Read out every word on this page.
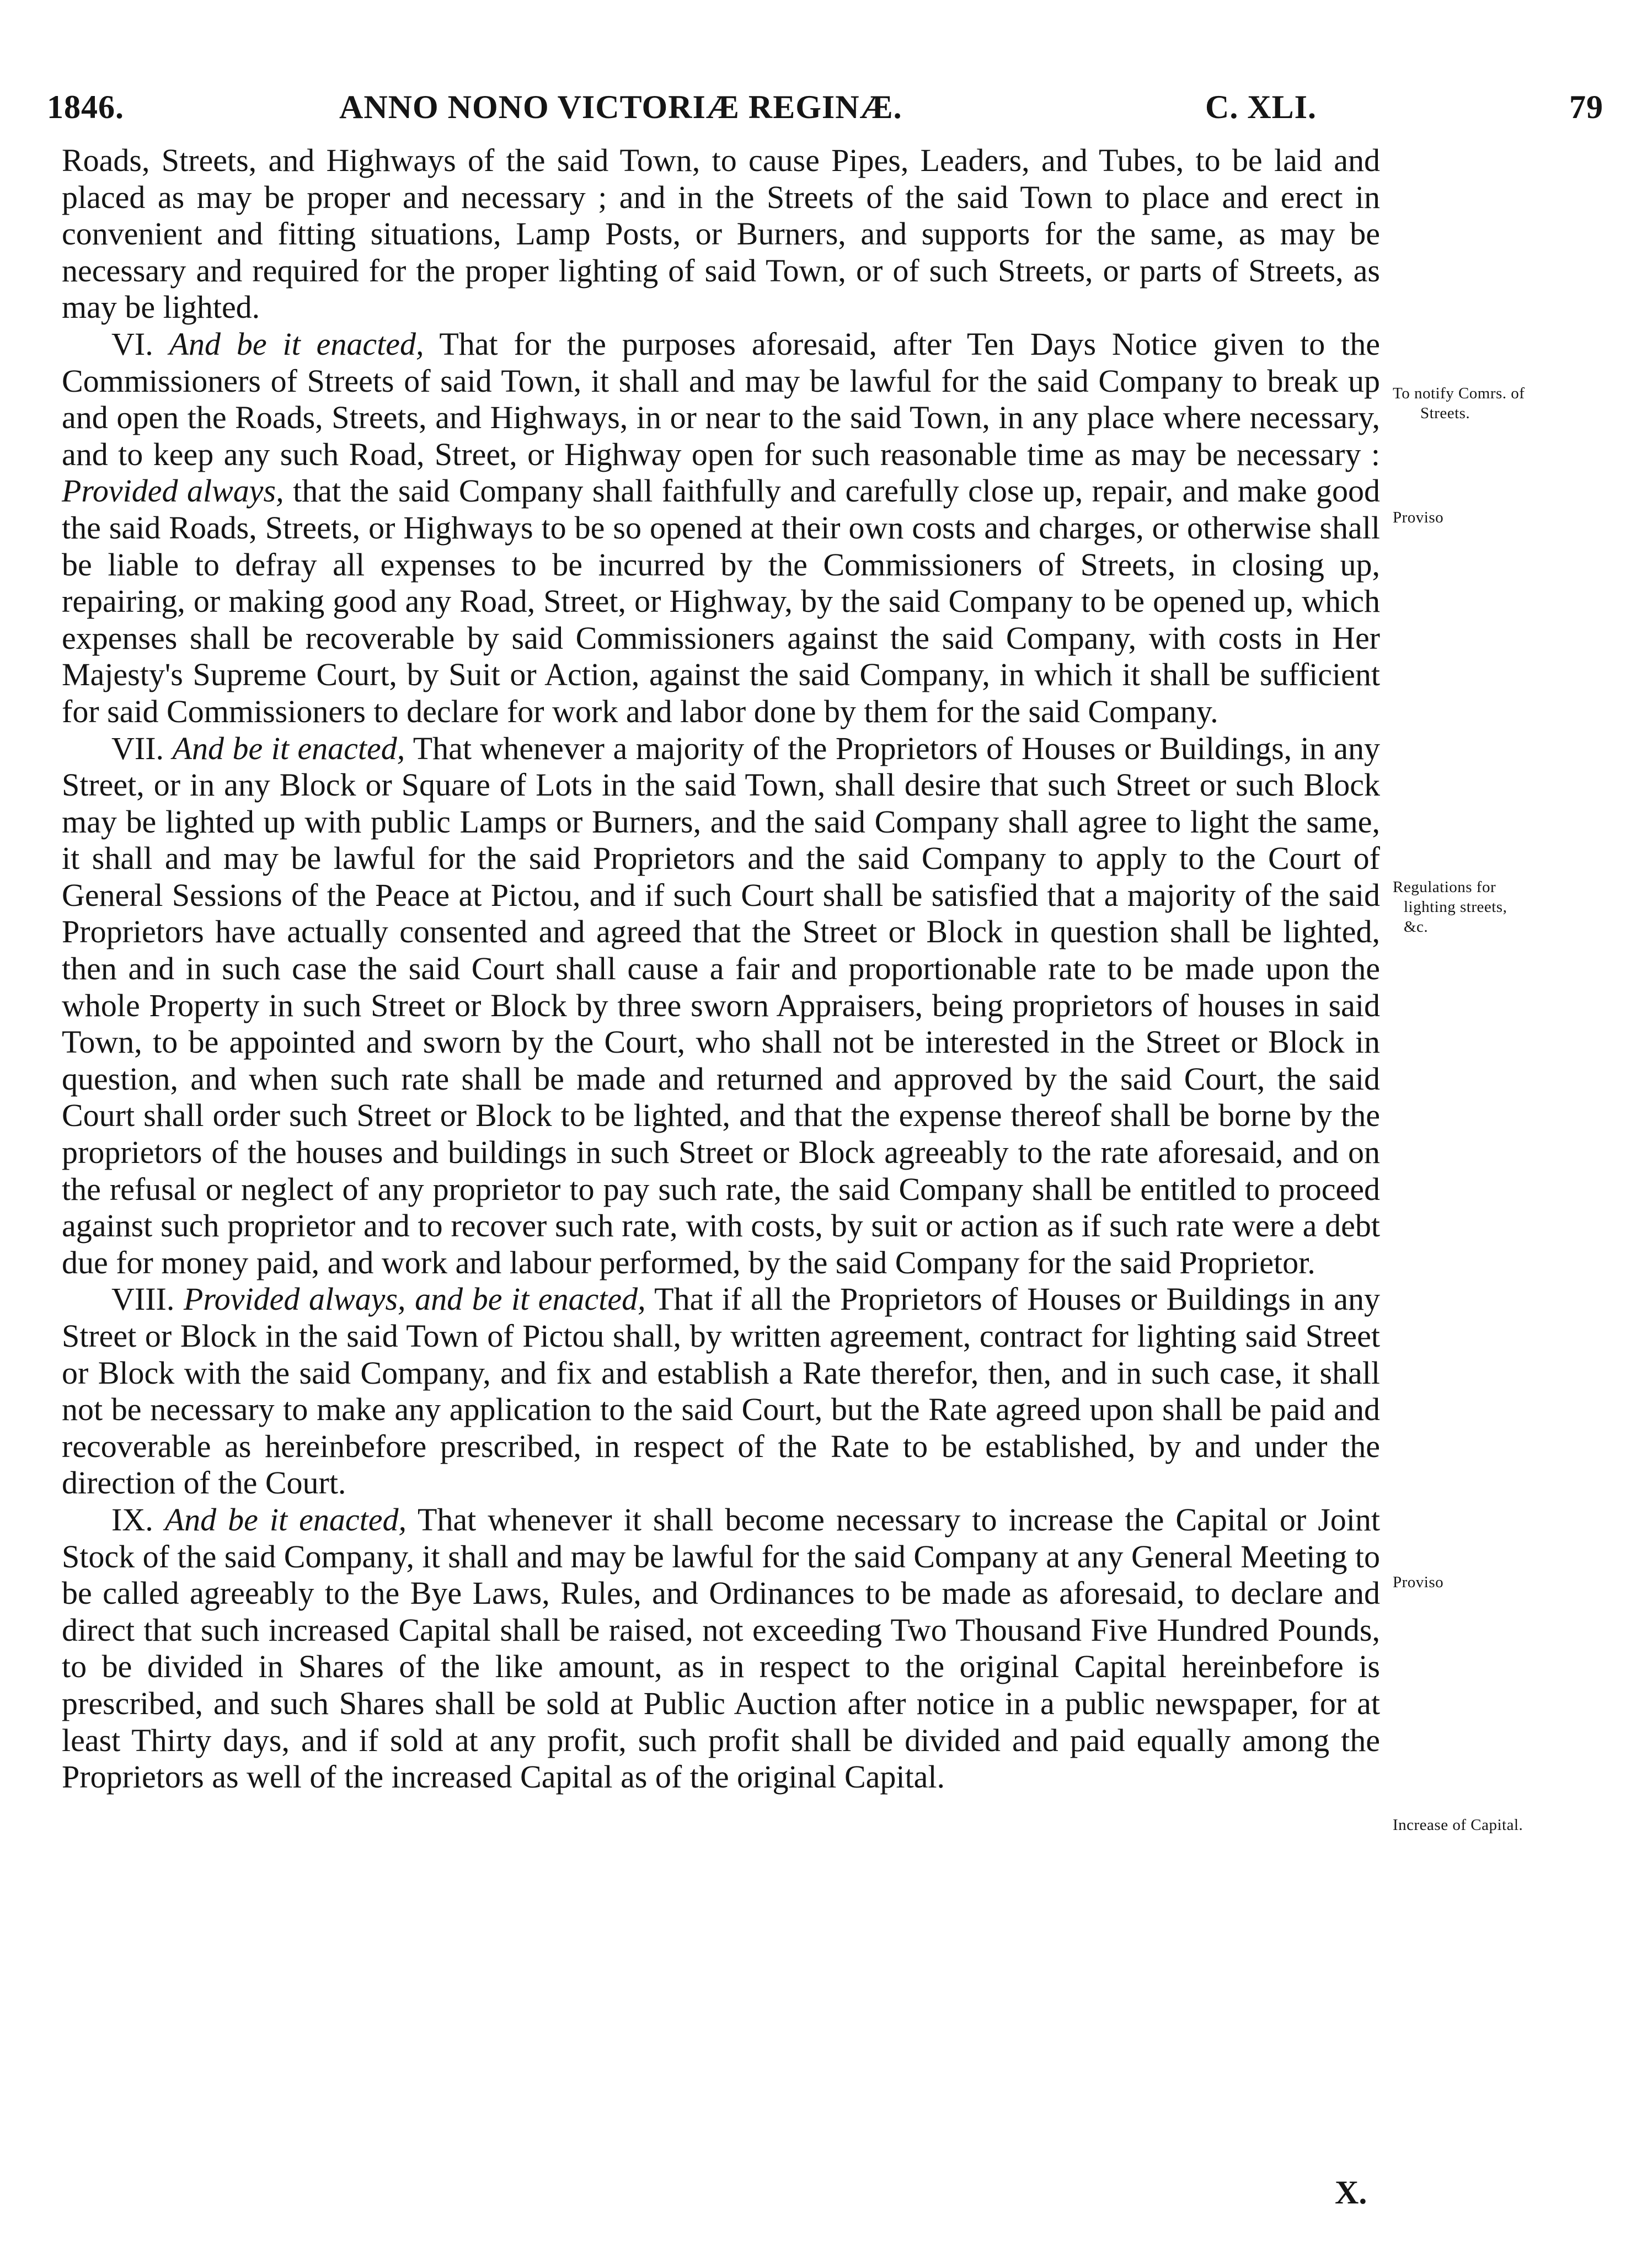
1846.	ANNO NONO VICTORIÆ REGINÆ.	C. XLI.	79

Roads, Streets, and Highways of the said Town, to cause Pipes, Leaders, and Tubes, to be laid and placed as may be proper and necessary ; and in the Streets of the said Town to place and erect in convenient and fitting situations, Lamp Posts, or Burners, and supports for the same, as may be necessary and required for the proper lighting of said Town, or of such Streets, or parts of Streets, as may be lighted.

VI. And be it enacted, That for the purposes aforesaid, after Ten Days Notice given to the Commissioners of Streets of said Town, it shall and may be lawful for the said Company to break up and open the Roads, Streets, and Highways, in or near to the said Town, in any place where necessary, and to keep any such Road, Street, or Highway open for such reasonable time as may be necessary : Provided always, that the said Company shall faithfully and carefully close up, repair, and make good the said Roads, Streets, or Highways to be so opened at their own costs and charges, or otherwise shall be liable to defray all expenses to be incurred by the Commissioners of Streets, in closing up, repairing, or making good any Road, Street, or Highway, by the said Company to be opened up, which expenses shall be recoverable by said Commissioners against the said Company, with costs in Her Majesty's Supreme Court, by Suit or Action, against the said Company, in which it shall be sufficient for said Commissioners to declare for work and labor done by them for the said Company.

VII. And be it enacted, That whenever a majority of the Proprietors of Houses or Buildings, in any Street, or in any Block or Square of Lots in the said Town, shall desire that such Street or such Block may be lighted up with public Lamps or Burners, and the said Company shall agree to light the same, it shall and may be lawful for the said Proprietors and the said Company to apply to the Court of General Sessions of the Peace at Pictou, and if such Court shall be satisfied that a majority of the said Proprietors have actually consented and agreed that the Street or Block in question shall be lighted, then and in such case the said Court shall cause a fair and proportionable rate to be made upon the whole Property in such Street or Block by three sworn Appraisers, being proprietors of houses in said Town, to be appointed and sworn by the Court, who shall not be interested in the Street or Block in question, and when such rate shall be made and returned and approved by the said Court, the said Court shall order such Street or Block to be lighted, and that the expense thereof shall be borne by the proprietors of the houses and buildings in such Street or Block agreeably to the rate aforesaid, and on the refusal or neglect of any proprietor to pay such rate, the said Company shall be entitled to proceed against such proprietor and to recover such rate, with costs, by suit or action as if such rate were a debt due for money paid, and work and labour performed, by the said Company for the said Proprietor.

VIII. Provided always, and be it enacted, That if all the Proprietors of Houses or Buildings in any Street or Block in the said Town of Pictou shall, by written agreement, contract for lighting said Street or Block with the said Company, and fix and establish a Rate therefor, then, and in such case, it shall not be necessary to make any application to the said Court, but the Rate agreed upon shall be paid and recoverable as hereinbefore prescribed, in respect of the Rate to be established, by and under the direction of the Court.

IX. And be it enacted, That whenever it shall become necessary to increase the Capital or Joint Stock of the said Company, it shall and may be lawful for the said Company at any General Meeting to be called agreeably to the Bye Laws, Rules, and Ordinances to be made as aforesaid, to declare and direct that such increased Capital shall be raised, not exceeding Two Thousand Five Hundred Pounds, to be divided in Shares of the like amount, as in respect to the original Capital hereinbefore is prescribed, and such Shares shall be sold at Public Auction after notice in a public newspaper, for at least Thirty days, and if sold at any profit, such profit shall be divided and paid equally among the Proprietors as well of the increased Capital as of the original Capital.

To notify Comrs. of
Streets.
Proviso
Regulations for
lighting streets,
&c.
Proviso
Increase of Capital.
X.
